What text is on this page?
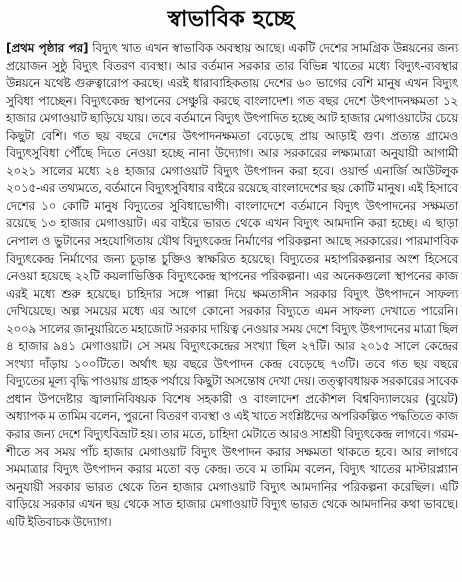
স্বাভাবিক হচ্ছে

[প্রথম পৃষ্ঠার পর] বিদ্যুৎ খাত এখন স্বাভাবিক অবস্থায় আছে। একটি দেশের সামগ্রিক উন্নয়নের জন্য প্রয়োজন সুষ্ঠু বিদ্যুৎ বিতরণ ব্যবস্থা। আর বর্তমান সরকার তার বিভিন্ন খাতের মধ্যে বিদ্যুৎ-ব্যবস্থার উন্নয়নে যথেষ্ট গুরুত্বারোপ করছে। এরই ধারাবাহিকতায় দেশের ৬০ ভাগের বেশি মানুষ এখন বিদ্যুৎ সুবিধা পাচ্ছেন। বিদ্যুৎকেন্দ্র স্থাপনের সেঞ্চুরি করছে বাংলাদেশ। গত বছর দেশে উৎপাদনক্ষমতা ১২ হাজার মেগাওয়াট ছাড়িয়ে যায়। তবে বর্তমানে বিদ্যুৎ উৎপাদিত হচ্ছে আট হাজার মেগাওয়াটের চেয়ে কিছুটা বেশি। গত ছয় বছরে দেশের উৎপাদনক্ষমতা বেড়েছে প্রায় আড়াই গুণ। প্রত্যন্ত গ্রামেও বিদ্যুৎসুবিধা পৌঁছে দিতে নেওয়া হচ্ছে নানা উদ্যোগ। আর সরকারের লক্ষ্যমাত্রা অনুযায়ী আগামী ২০২১ সালের মধ্যে ২৪ হাজার মেগাওয়াট বিদ্যুৎ উৎপাদন করা হবে। ওয়ার্ল্ড এনার্জি আউটলুক ২০১৫-এর তথ্যমতে, বর্তমানে বিদ্যুৎসুবিধার বাইরে রয়েছে বাংলাদেশের ছয় কোটি মানুষ। এই হিসাবে দেশের ১০ কোটি মানুষ বিদ্যুতের সুবিধাভোগী। বাংলাদেশে বর্তমানে বিদ্যুৎ উৎপাদনের সক্ষমতা রয়েছে ১৩ হাজার মেগাওয়াট। এর বাইরে ভারত থেকে এখন বিদ্যুৎ আমদানি করা হচ্ছে। এ ছাড়া নেপাল ও ভুটানের সহযোগিতায় যৌথ বিদ্যুৎকেন্দ্র নির্মাণের পরিকল্পনা আছে সরকারের। পারমাণবিক বিদ্যুৎকেন্দ্র নির্মাণের জন্য চূড়ান্ত চুক্তিও স্বাক্ষরিত হয়েছে। বিদ্যুতের মহাপরিকল্পনার অংশ হিসেবে নেওয়া হয়েছে ২২টি কয়লাভিত্তিক বিদ্যুৎকেন্দ্র স্থাপনের পরিকল্পনা। এর অনেকগুলো স্থাপনের কাজ এরই মধ্যে শুরু হয়েছে। চাহিদার সঙ্গে পাল্লা দিয়ে ক্ষমতাসীন সরকার বিদ্যুৎ উৎপাদনে সাফল্য দেখিয়েছে। অল্প সময়ের মধ্যে এর আগে কোনো সরকার বিদ্যুতে এমন সাফল্য দেখাতে পারেনি। ২০০৯ সালের জানুয়ারিতে মহাজোট সরকার দায়িত্ব নেওয়ার সময় দেশে বিদ্যুৎ উৎপাদনের মাত্রা ছিল ৪ হাজার ৯৪১ মেগাওয়াট। সে সময় বিদ্যুৎকেন্দ্রের সংখ্যা ছিল ২৭টি। আর ২০১৫ সালে কেন্দ্রের সংখ্যা দাঁড়ায় ১০০টিতে। অর্থাৎ ছয় বছরে উৎপাদন কেন্দ্র বেড়েছে ৭৩টি। তবে গত ছয় বছরে বিদ্যুতের মূল্য বৃদ্ধি পাওয়ায় গ্রাহক পর্যায়ে কিছুটা অসন্তোষ দেখা দেয়। তত্ত্বাবধায়ক সরকারের সাবেক প্রধান উপদেষ্টার জ্বালানিবিষয়ক বিশেষ সহকারী ও বাংলাদেশ প্রকৌশল বিশ্ববিদ্যালয়ের (বুয়েট) অধ্যাপক ম তামিম বলেন, পুরনো বিতরণ ব্যবস্থা ও এই খাতে সংশ্লিষ্টদের অপরিকল্পিত পদ্ধতিতে কাজ করার জন্য দেশে বিদ্যুৎবিভ্রাট হয়। তার মতে, চাহিদা মেটাতে আরও সাশ্রয়ী বিদ্যুৎকেন্দ্র লাগবে। গরম-শীতে সব সময় পাঁচ হাজার মেগাওয়াট বিদ্যুৎ উৎপাদন করার সক্ষমতা থাকতে হবে। আর লাগবে সমমাত্রার বিদ্যুৎ উৎপাদন করার মতো বড় কেন্দ্র। তবে ম তামিম বলেন, বিদ্যুৎ খাতের মাস্টারপ্ল্যান অনুযায়ী সরকার ভারত থেকে তিন হাজার মেগাওয়াট বিদ্যুৎ আমদানির পরিকল্পনা করেছিল। এটি বাড়িয়ে সরকার এখন ছয় থেকে সাত হাজার মেগাওয়াট বিদ্যুৎ ভারত থেকে আমদানির কথা ভাবছে। এটি ইতিবাচক উদ্যোগ।
